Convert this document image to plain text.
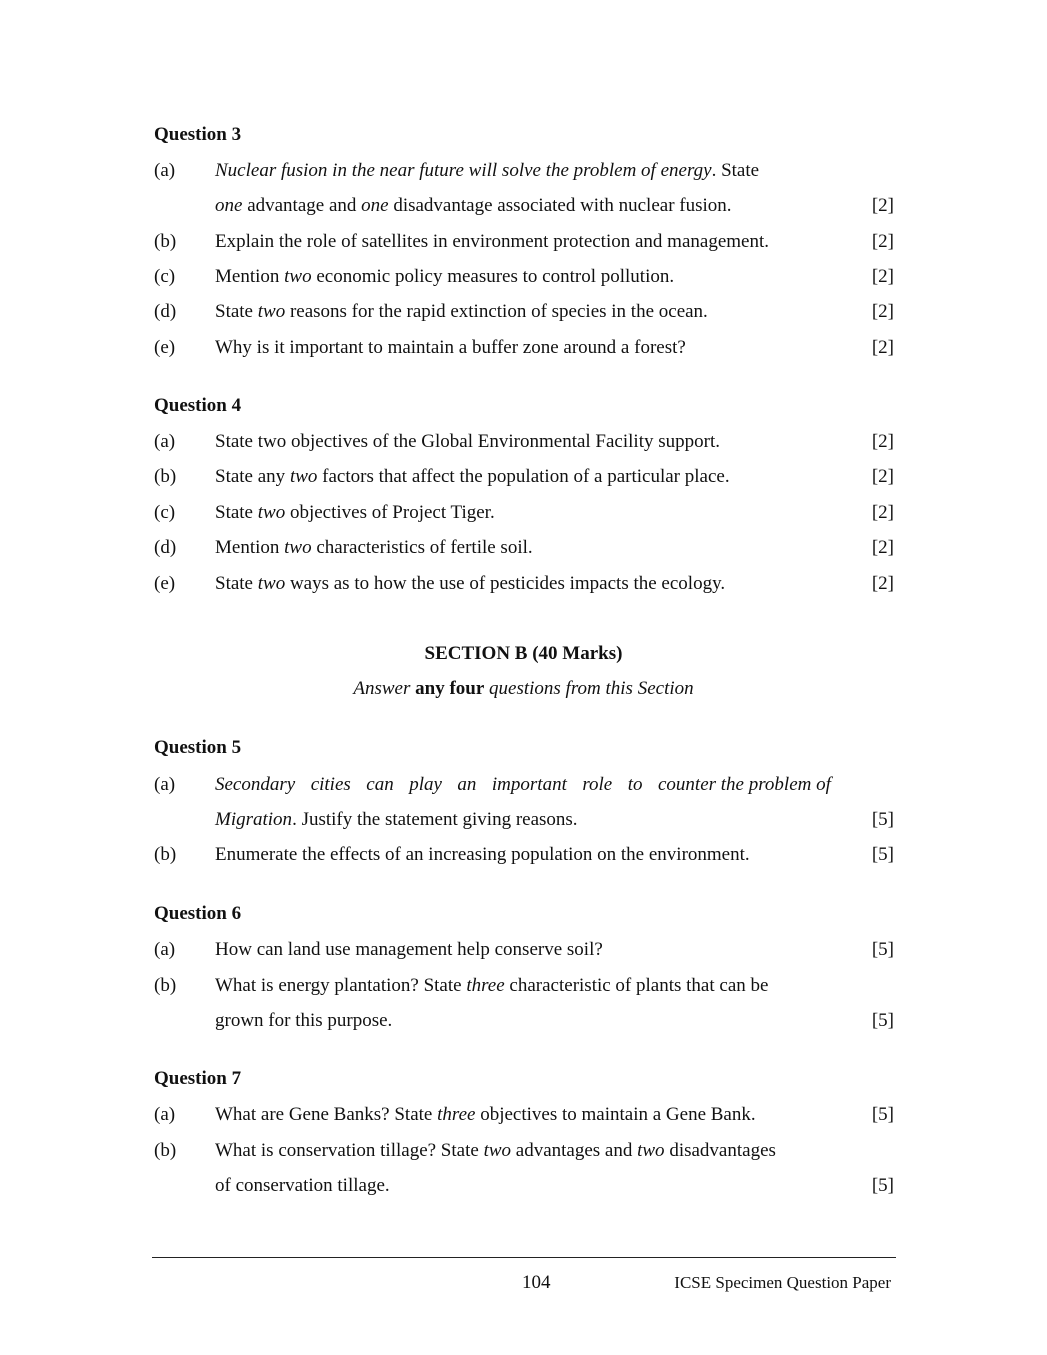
Question 3
(a) Nuclear fusion in the near future will solve the problem of energy. State
one advantage and one disadvantage associated with nuclear fusion.	[2]
(b) Explain the role of satellites in environment protection and management.	[2]
(c) Mention two economic policy measures to control pollution.	[2]
(d) State two reasons for the rapid extinction of species in the ocean.	[2]
(e) Why is it important to maintain a buffer zone around a forest?	[2]
Question 4
(a) State two objectives of the Global Environmental Facility support.	[2]
(b) State any two factors that affect the population of a particular place.	[2]
(c) State two objectives of Project Tiger.	[2]
(d) Mention two characteristics of fertile soil.	[2]
(e) State two ways as to how the use of pesticides impacts the ecology.	[2]
SECTION B (40 Marks)
Answer any four questions from this Section
Question 5
(a) Secondary cities can play an important role to counter the problem of
Migration. Justify the statement giving reasons.	[5]
(b) Enumerate the effects of an increasing population on the environment.	[5]
Question 6
(a) How can land use management help conserve soil?	[5]
(b) What is energy plantation? State three characteristic of plants that can be
grown for this purpose.	[5]
Question 7
(a) What are Gene Banks? State three objectives to maintain a Gene Bank.	[5]
(b) What is conservation tillage? State two advantages and two disadvantages
of conservation tillage.	[5]
104	ICSE Specimen Question Paper
